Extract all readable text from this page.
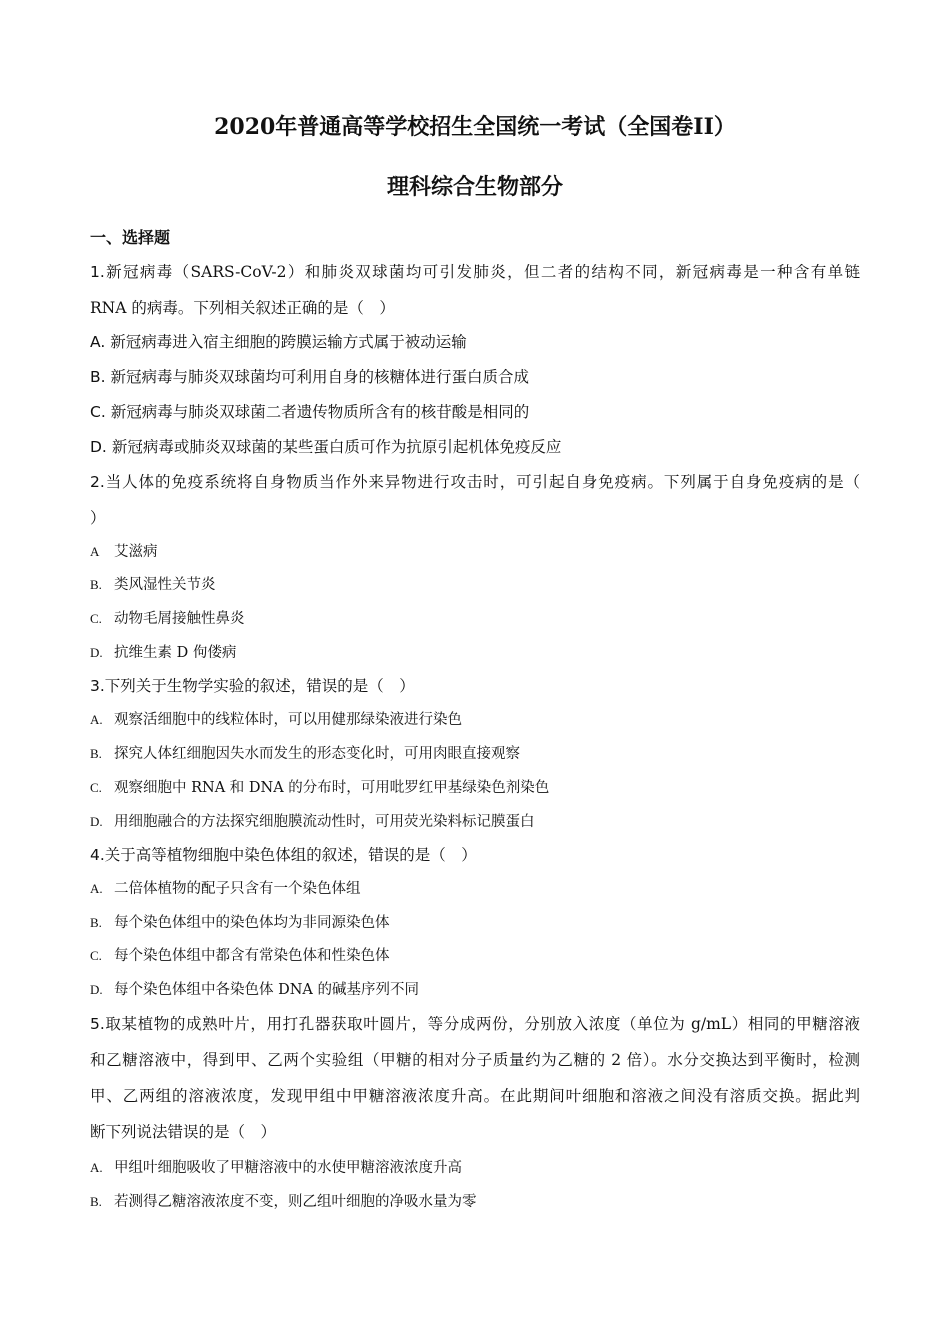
2020年普通高等学校招生全国统一考试（全国卷II）
理科综合生物部分
一、选择题
1.新冠病毒（SARS-CoV-2）和肺炎双球菌均可引发肺炎，但二者的结构不同，新冠病毒是一种含有单链
RNA 的病毒。下列相关叙述正确的是（　）
A. 新冠病毒进入宿主细胞的跨膜运输方式属于被动运输
B. 新冠病毒与肺炎双球菌均可利用自身的核糖体进行蛋白质合成
C. 新冠病毒与肺炎双球菌二者遗传物质所含有的核苷酸是相同的
D. 新冠病毒或肺炎双球菌的某些蛋白质可作为抗原引起机体免疫反应
2.当人体的免疫系统将自身物质当作外来异物进行攻击时，可引起自身免疫病。下列属于自身免疫病的是（
）
A 艾滋病
B. 类风湿性关节炎
C. 动物毛屑接触性鼻炎
D. 抗维生素 D 佝偻病
3.下列关于生物学实验的叙述，错误的是（　）
A. 观察活细胞中的线粒体时，可以用健那绿染液进行染色
B. 探究人体红细胞因失水而发生的形态变化时，可用肉眼直接观察
C. 观察细胞中 RNA 和 DNA 的分布时，可用吡罗红甲基绿染色剂染色
D. 用细胞融合的方法探究细胞膜流动性时，可用荧光染料标记膜蛋白
4.关于高等植物细胞中染色体组的叙述，错误的是（　）
A. 二倍体植物的配子只含有一个染色体组
B. 每个染色体组中的染色体均为非同源染色体
C. 每个染色体组中都含有常染色体和性染色体
D. 每个染色体组中各染色体 DNA 的碱基序列不同
5.取某植物的成熟叶片，用打孔器获取叶圆片，等分成两份，分别放入浓度（单位为 g/mL）相同的甲糖溶液
和乙糖溶液中，得到甲、乙两个实验组（甲糖的相对分子质量约为乙糖的 2 倍）。水分交换达到平衡时，检测
甲、乙两组的溶液浓度，发现甲组中甲糖溶液浓度升高。在此期间叶细胞和溶液之间没有溶质交换。据此判
断下列说法错误的是（　）
A. 甲组叶细胞吸收了甲糖溶液中的水使甲糖溶液浓度升高
B. 若测得乙糖溶液浓度不变，则乙组叶细胞的净吸水量为零
